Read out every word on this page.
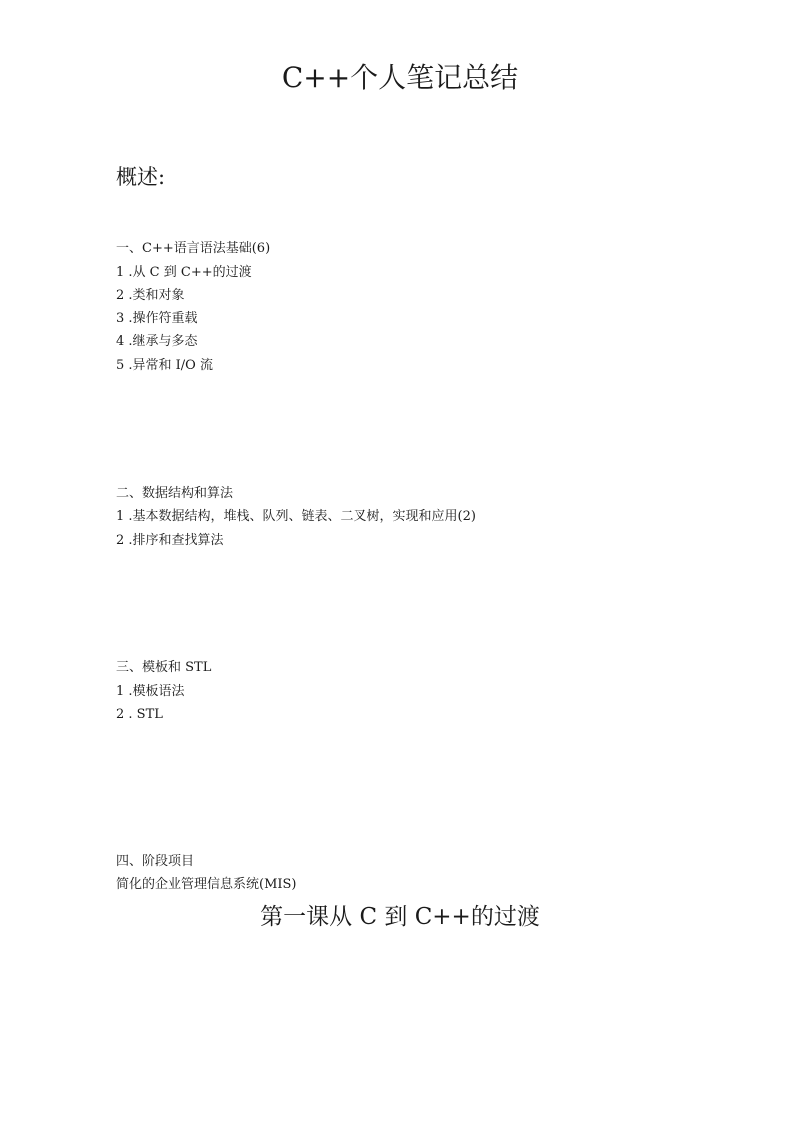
C++个人笔记总结
概述:
一、C++语言语法基础(6)
1 .从 C 到 C++的过渡
2 .类和对象
3 .操作符重载
4 .继承与多态
5 .异常和 I/O 流
二、数据结构和算法
1 .基本数据结构，堆栈、队列、链表、二叉树，实现和应用(2)
2 .排序和查找算法
三、模板和 STL
1 .模板语法
2 . STL
四、阶段项目
简化的企业管理信息系统(MIS)
第一课从 C 到 C++的过渡
